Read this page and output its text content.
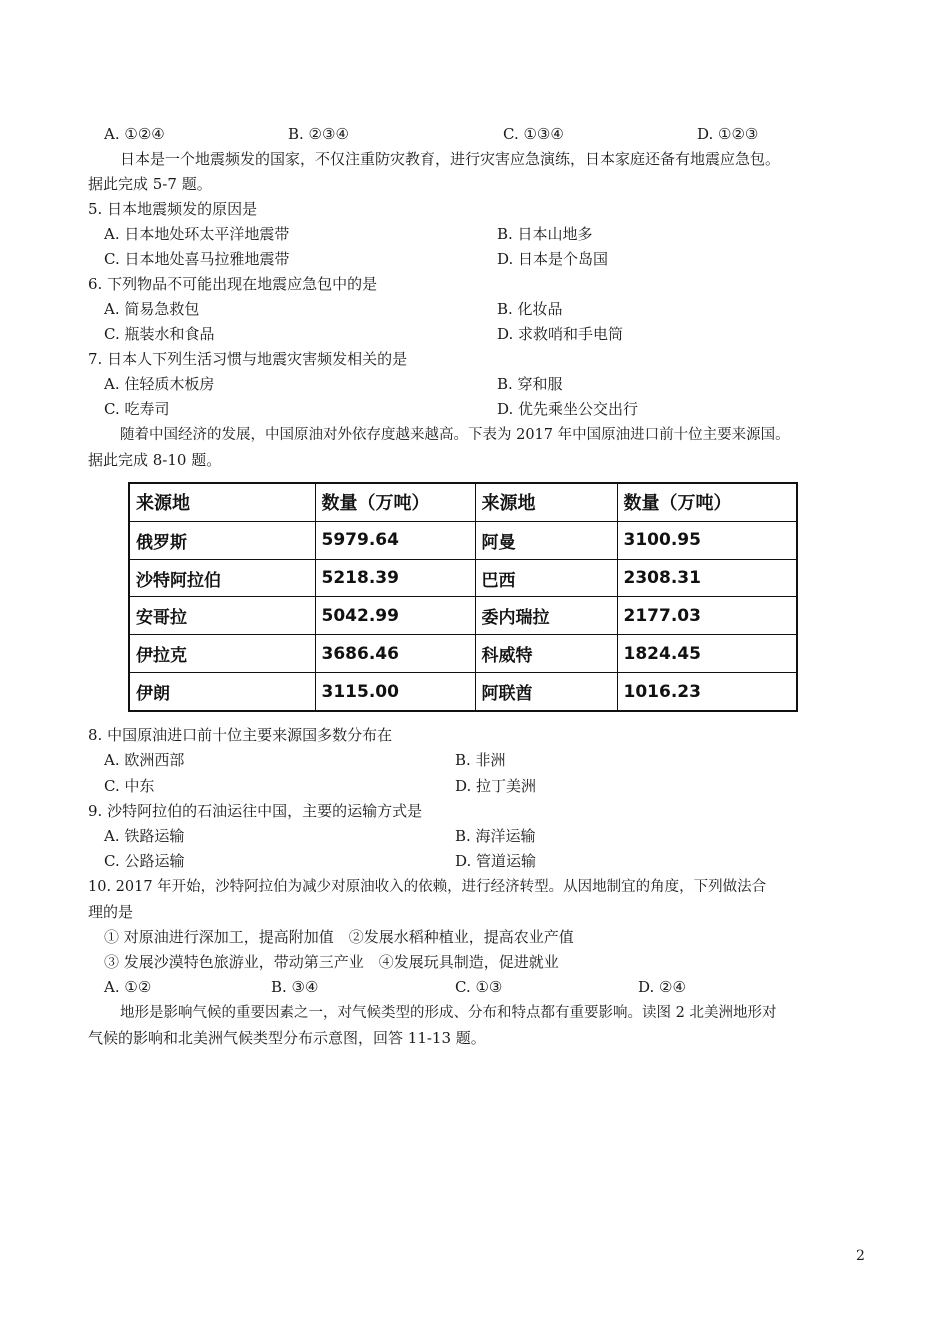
A. ①②④	B. ②③④	C. ①③④	D. ①②③
日本是一个地震频发的国家，不仅注重防灾教育，进行灾害应急演练，日本家庭还备有地震应急包。
据此完成 5-7 题。
5. 日本地震频发的原因是
A. 日本地处环太平洋地震带	B. 日本山地多
C. 日本地处喜马拉雅地震带	D. 日本是个岛国
6. 下列物品不可能出现在地震应急包中的是
A. 简易急救包	B. 化妆品
C. 瓶装水和食品	D. 求救哨和手电筒
7. 日本人下列生活习惯与地震灾害频发相关的是
A. 住轻质木板房	B. 穿和服
C. 吃寿司	D. 优先乘坐公交出行
随着中国经济的发展，中国原油对外依存度越来越高。下表为 2017 年中国原油进口前十位主要来源国。
据此完成 8-10 题。
来源地	数量（万吨）	来源地	数量（万吨）
俄罗斯	5979.64	阿曼	3100.95
沙特阿拉伯	5218.39	巴西	2308.31
安哥拉	5042.99	委内瑞拉	2177.03
伊拉克	3686.46	科威特	1824.45
伊朗	3115.00	阿联酋	1016.23
8. 中国原油进口前十位主要来源国多数分布在
A. 欧洲西部	B. 非洲
C. 中东	D. 拉丁美洲
9. 沙特阿拉伯的石油运往中国，主要的运输方式是
A. 铁路运输	B. 海洋运输
C. 公路运输	D. 管道运输
10. 2017 年开始，沙特阿拉伯为减少对原油收入的依赖，进行经济转型。从因地制宜的角度，下列做法合
理的是
① 对原油进行深加工，提高附加值　②发展水稻种植业，提高农业产值
③ 发展沙漠特色旅游业，带动第三产业　④发展玩具制造，促进就业
A. ①②	B. ③④	C. ①③	D. ②④
地形是影响气候的重要因素之一，对气候类型的形成、分布和特点都有重要影响。读图 2 北美洲地形对
气候的影响和北美洲气候类型分布示意图，回答 11-13 题。
2
